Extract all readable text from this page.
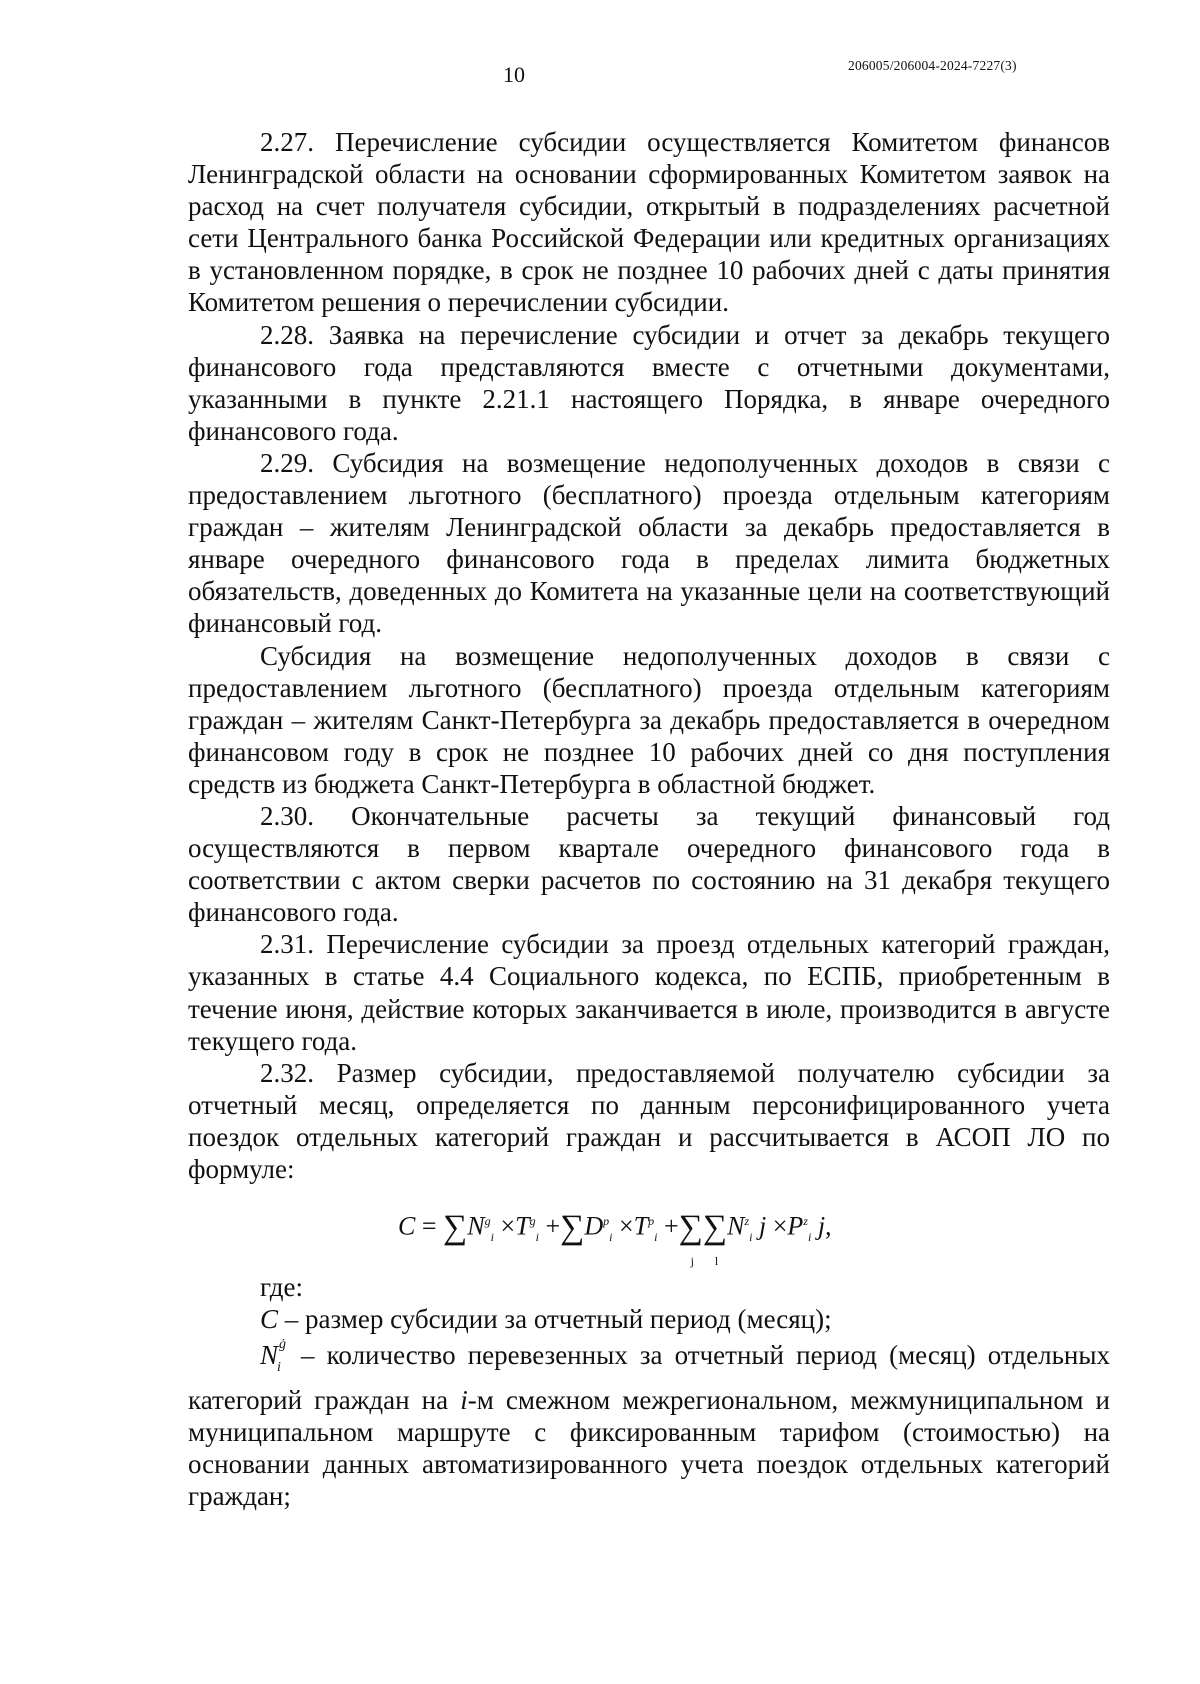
10	206005/206004-2024-7227(3)

2.27. Перечисление субсидии осуществляется Комитетом финансов Ленинградской области на основании сформированных Комитетом заявок на расход на счет получателя субсидии, открытый в подразделениях расчетной сети Центрального банка Российской Федерации или кредитных организациях в установленном порядке, в срок не позднее 10 рабочих дней с даты принятия Комитетом решения о перечислении субсидии.

2.28. Заявка на перечисление субсидии и отчет за декабрь текущего финансового года представляются вместе с отчетными документами, указанными в пункте 2.21.1 настоящего Порядка, в январе очередного финансового года.

2.29. Субсидия на возмещение недополученных доходов в связи с предоставлением льготного (бесплатного) проезда отдельным категориям граждан – жителям Ленинградской области за декабрь предоставляется в январе очередного финансового года в пределах лимита бюджетных обязательств, доведенных до Комитета на указанные цели на соответствующий финансовый год.

Субсидия на возмещение недополученных доходов в связи с предоставлением льготного (бесплатного) проезда отдельным категориям граждан – жителям Санкт-Петербурга за декабрь предоставляется в очередном финансовом году в срок не позднее 10 рабочих дней со дня поступления средств из бюджета Санкт-Петербурга в областной бюджет.

2.30. Окончательные расчеты за текущий финансовый год осуществляются в первом квартале очередного финансового года в соответствии с актом сверки расчетов по состоянию на 31 декабря текущего финансового года.

2.31. Перечисление субсидии за проезд отдельных категорий граждан, указанных в статье 4.4 Социального кодекса, по ЕСПБ, приобретенным в течение июня, действие которых заканчивается в июле, производится в августе текущего года.

2.32. Размер субсидии, предоставляемой получателю субсидии за отчетный месяц, определяется по данным персонифицированного учета поездок отдельных категорий граждан и рассчитывается в АСОП ЛО по формуле:

$C = \sum N^g_i \times T^g_i +\sum D^p_i \times T^p_i$ +∑
j
∑
l
$N^z_i$ $j \times P^z_i$ j,

где:

C – размер субсидии за отчетный период (месяц);

$N^ġ_i$ – количество перевезенных за отчетный период (месяц) отдельных категорий граждан на i-м смежном межрегиональном, межмуниципальном и муниципальном маршруте с фиксированным тарифом (стоимостью) на основании данных автоматизированного учета поездок отдельных категорий граждан;
